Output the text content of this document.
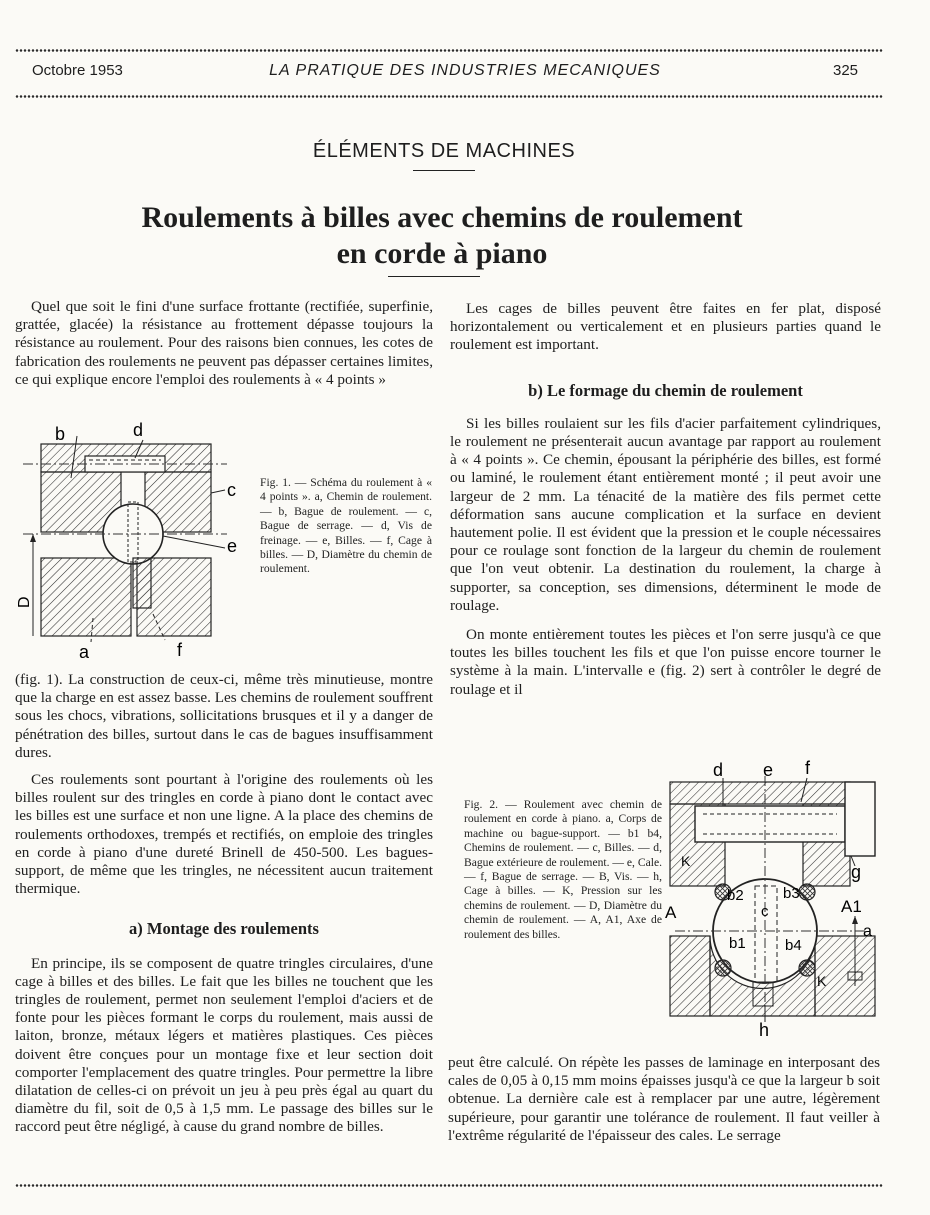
Octobre 1953	LA PRATIQUE DES INDUSTRIES MECANIQUES	325
ÉLÉMENTS DE MACHINES
Roulements à billes avec chemins de roulement
en corde à piano

Quel que soit le fini d'une surface frottante (rectifiée, superfinie, grattée, glacée) la résistance au frottement dépasse toujours la résistance au roulement. Pour des raisons bien connues, les cotes de fabrication des roulements ne peuvent pas dépasser certaines limites, ce qui explique encore l'emploi des roulements à « 4 points »

b	d
c
e
D
a	f
Fig. 1. — Schéma du roulement à « 4 points ». a, Chemin de roulement. — b, Bague de roulement. — c, Bague de serrage. — d, Vis de freinage. — e, Billes. — f, Cage à billes. — D, Diamètre du chemin de roulement.

(fig. 1). La construction de ceux-ci, même très minutieuse, montre que la charge en est assez basse. Les chemins de roulement souffrent sous les chocs, vibrations, sollicitations brusques et il y a danger de pénétration des billes, surtout dans le cas de bagues insuffisamment dures.

Ces roulements sont pourtant à l'origine des roulements où les billes roulent sur des tringles en corde à piano dont le contact avec les billes est une surface et non une ligne. A la place des chemins de roulements orthodoxes, trempés et rectifiés, on emploie des tringles en corde à piano d'une dureté Brinell de 450-500. Les bagues-support, de même que les tringles, ne nécessitent aucun traitement thermique.

a) Montage des roulements

En principe, ils se composent de quatre tringles circulaires, d'une cage à billes et des billes. Le fait que les billes ne touchent que les tringles de roulement, permet non seulement l'emploi d'aciers et de fonte pour les pièces formant le corps du roulement, mais aussi de laiton, bronze, métaux légers et matières plastiques. Ces pièces doivent être conçues pour un montage fixe et leur section doit comporter l'emplacement des quatre tringles. Pour permettre la libre dilatation de celles-ci on prévoit un jeu à peu près égal au quart du diamètre du fil, soit de 0,5 à 1,5 mm. Le passage des billes sur le raccord peut être négligé, à cause du grand nombre de billes.

Les cages de billes peuvent être faites en fer plat, disposé horizontalement ou verticalement et en plusieurs parties quand le roulement est important.

b) Le formage du chemin de roulement

Si les billes roulaient sur les fils d'acier parfaitement cylindriques, le roulement ne présenterait aucun avantage par rapport au roulement à « 4 points ». Ce chemin, épousant la périphérie des billes, est formé ou laminé, le roulement étant entièrement monté ; il peut avoir une largeur de 2 mm. La ténacité de la matière des fils permet cette déformation sans aucune complication et la surface en devient hautement polie. Il est évident que la pression et le couple nécessaires pour ce roulage sont fonction de la largeur du chemin de roulement que l'on veut obtenir. La destination du roulement, la charge à supporter, sa conception, ses dimensions, déterminent le mode de roulage.

On monte entièrement toutes les pièces et l'on serre jusqu'à ce que toutes les billes touchent les fils et que l'on puisse encore tourner le système à la main. L'intervalle e (fig. 2) sert à contrôler le degré de roulage et il

Fig. 2. — Roulement avec chemin de roulement en corde à piano. a, Corps de machine ou bague-support. — b1 b4, Chemins de roulement. — c, Billes. — d, Bague extérieure de roulement. — e, Cale. — f, Bague de serrage. — B, Vis. — h, Cage à billes. — K, Pression sur les chemins de roulement. — D, Diamètre du chemin de roulement. — A, A1, Axe de roulement des billes.
d e f
g
K
K
A	A1
a
b2	b3
b1	b4
c
h

peut être calculé. On répète les passes de laminage en interposant des cales de 0,05 à 0,15 mm moins épaisses jusqu'à ce que la largeur b soit obtenue. La dernière cale est à remplacer par une autre, légèrement supérieure, pour garantir une tolérance de roulement. Il faut veiller à l'extrême régularité de l'épaisseur des cales. Le serrage
